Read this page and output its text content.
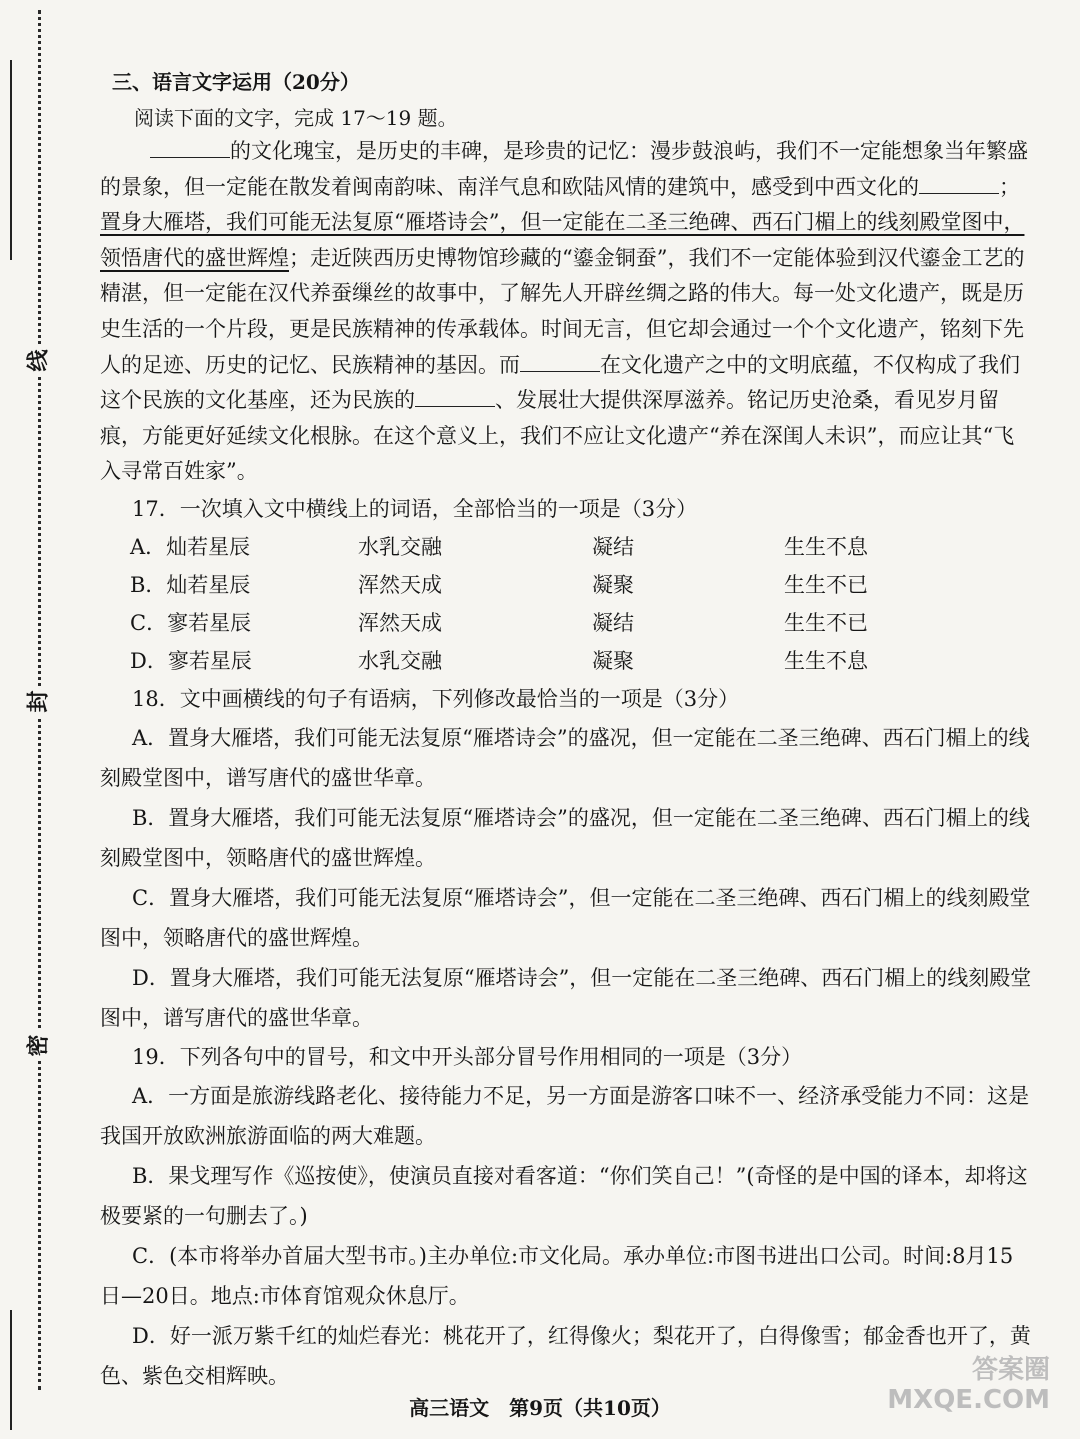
线
封
密
三、语言文字运用（20分）
阅读下面的文字，完成 17～19 题。
的文化瑰宝，是历史的丰碑，是珍贵的记忆：漫步鼓浪屿，我们不一定能想象当年繁盛的景象，但一定能在散发着闽南韵味、南洋气息和欧陆风情的建筑中，感受到中西文化的	；置身大雁塔，我们可能无法复原“雁塔诗会”，但一定能在二圣三绝碑、西石门楣上的线刻殿堂图中，领悟唐代的盛世辉煌；走近陕西历史博物馆珍藏的“鎏金铜蚕”，我们不一定能体验到汉代鎏金工艺的精湛，但一定能在汉代养蚕缫丝的故事中，了解先人开辟丝绸之路的伟大。每一处文化遗产，既是历史生活的一个片段，更是民族精神的传承载体。时间无言，但它却会通过一个个文化遗产，铭刻下先人的足迹、历史的记忆、民族精神的基因。而	在文化遗产之中的文明底蕴，不仅构成了我们这个民族的文化基座，还为民族的	、发展壮大提供深厚滋养。铭记历史沧桑，看见岁月留痕，方能更好延续文化根脉。在这个意义上，我们不应让文化遗产“养在深闺人未识”，而应让其“飞入寻常百姓家”。
17．一次填入文中横线上的词语，全部恰当的一项是（3分）
A．灿若星辰	水乳交融	凝结	生生不息
B．灿若星辰	浑然天成	凝聚	生生不已
C．寥若星辰	浑然天成	凝结	生生不已
D．寥若星辰	水乳交融	凝聚	生生不息
18．文中画横线的句子有语病，下列修改最恰当的一项是（3分）
A．置身大雁塔，我们可能无法复原“雁塔诗会”的盛况，但一定能在二圣三绝碑、西石门楣上的线刻殿堂图中，谱写唐代的盛世华章。
B．置身大雁塔，我们可能无法复原“雁塔诗会”的盛况，但一定能在二圣三绝碑、西石门楣上的线刻殿堂图中，领略唐代的盛世辉煌。
C．置身大雁塔，我们可能无法复原“雁塔诗会”，但一定能在二圣三绝碑、西石门楣上的线刻殿堂图中，领略唐代的盛世辉煌。
D．置身大雁塔，我们可能无法复原“雁塔诗会”，但一定能在二圣三绝碑、西石门楣上的线刻殿堂图中，谱写唐代的盛世华章。
19．下列各句中的冒号，和文中开头部分冒号作用相同的一项是（3分）
A．一方面是旅游线路老化、接待能力不足，另一方面是游客口味不一、经济承受能力不同：这是我国开放欧洲旅游面临的两大难题。
B．果戈理写作《巡按使》，使演员直接对看客道：“你们笑自己！”(奇怪的是中国的译本，却将这极要紧的一句删去了。)
C．(本市将举办首届大型书市。)主办单位:市文化局。承办单位:市图书进出口公司。时间:8月15日—20日。地点:市体育馆观众休息厅。
D．好一派万紫千红的灿烂春光：桃花开了，红得像火；梨花开了，白得像雪；郁金香也开了，黄色、紫色交相辉映。
高三语文　第9页（共10页）
答案圈
MXQE.COM
